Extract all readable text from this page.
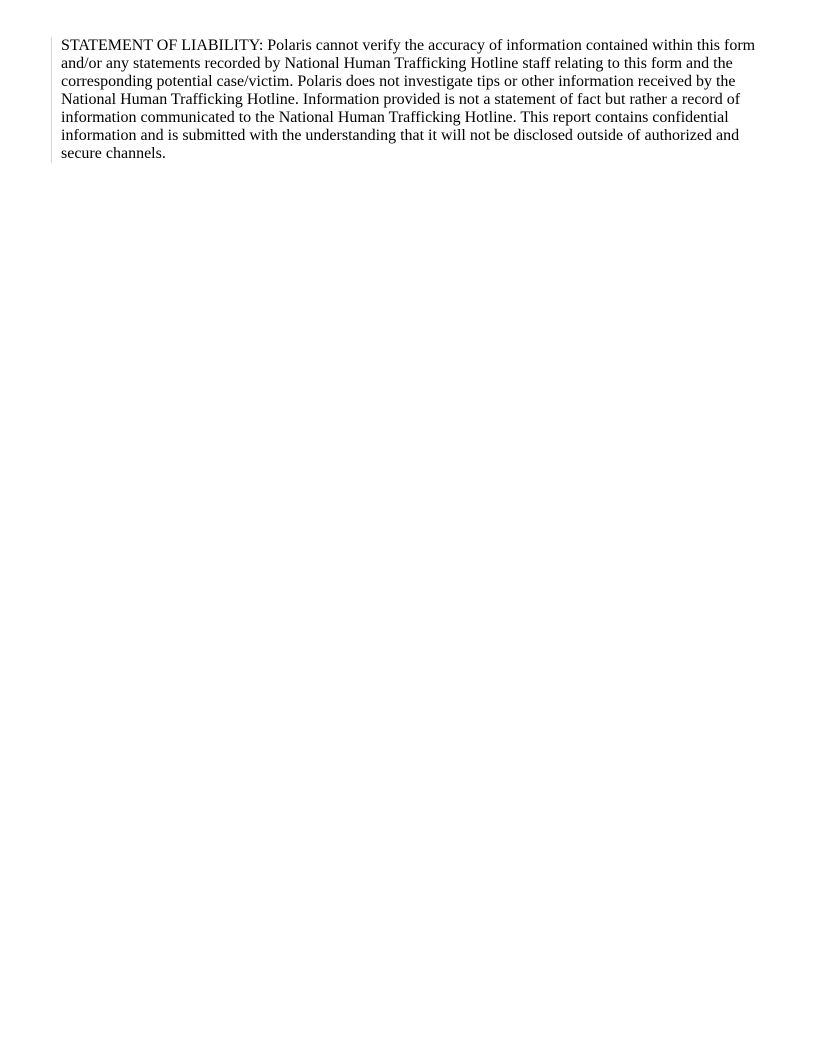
STATEMENT OF LIABILITY: Polaris cannot verify the accuracy of information contained within this form and/or any statements recorded by National Human Trafficking Hotline staff relating to this form and the corresponding potential case/victim. Polaris does not investigate tips or other information received by the National Human Trafficking Hotline. Information provided is not a statement of fact but rather a record of information communicated to the National Human Trafficking Hotline. This report contains confidential information and is submitted with the understanding that it will not be disclosed outside of authorized and secure channels.
